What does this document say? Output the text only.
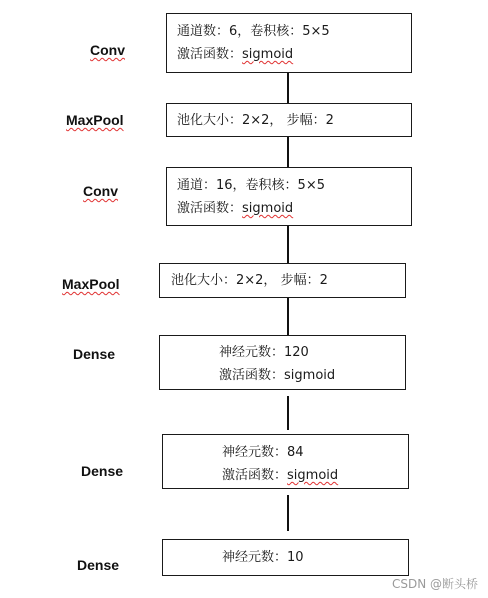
Conv
MaxPool
Conv
MaxPool
Dense
Dense
Dense
通道数：6，卷积核：5×5
激活函数：sigmoid
池化大小：2×2， 步幅：2
通道：16，卷积核：5×5
激活函数：sigmoid
池化大小：2×2， 步幅：2
神经元数：120
激活函数：sigmoid
神经元数：84
激活函数：sigmoid
神经元数：10
CSDN @断头桥
